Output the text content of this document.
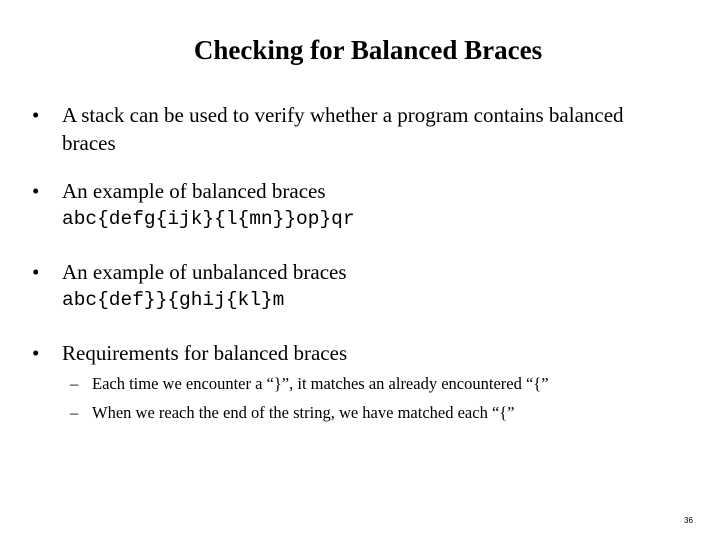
Checking for Balanced Braces
•	A stack can be used to verify whether a program contains balanced braces
•	An example of balanced braces
abc{defg{ijk}{l{mn}}op}qr
•	An example of unbalanced braces
abc{def}}{ghij{kl}m
•	Requirements for balanced braces
– Each time we encounter a “}”, it matches an already encountered “{”
– When we reach the end of the string, we have matched each “{”
36
